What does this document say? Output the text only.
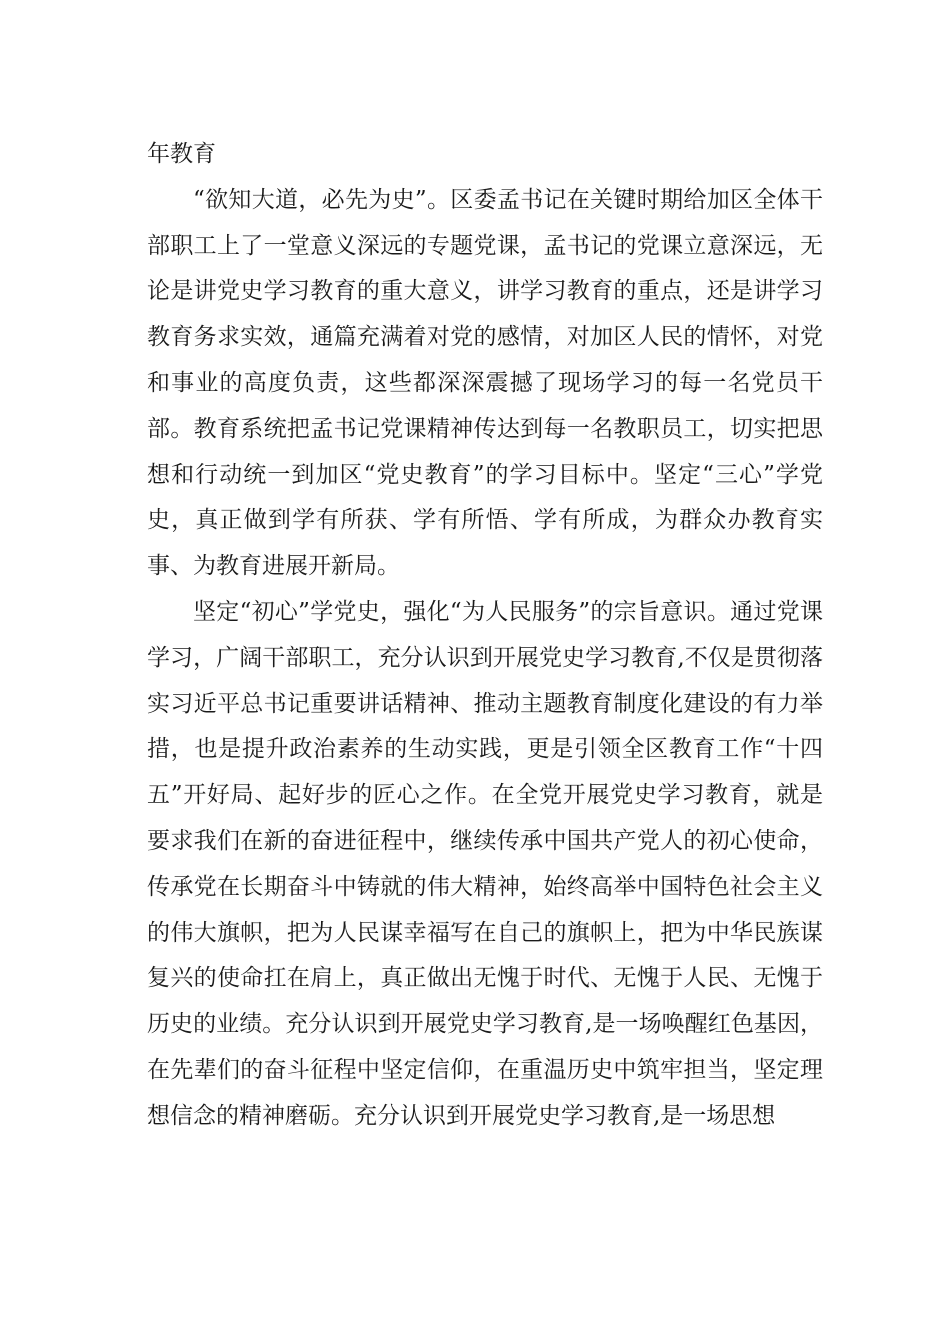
年教育

“欲知大道，必先为史”。区委孟书记在关键时期给加区全体干部职工上了一堂意义深远的专题党课，孟书记的党课立意深远，无论是讲党史学习教育的重大意义，讲学习教育的重点，还是讲学习教育务求实效，通篇充满着对党的感情，对加区人民的情怀，对党和事业的高度负责，这些都深深震撼了现场学习的每一名党员干部。教育系统把孟书记党课精神传达到每一名教职员工，切实把思想和行动统一到加区“党史教育”的学习目标中。坚定“三心”学党史，真正做到学有所获、学有所悟、学有所成，为群众办教育实事、为教育进展开新局。

坚定“初心”学党史，强化“为人民服务”的宗旨意识。通过党课学习，广阔干部职工，充分认识到开展党史学习教育,不仅是贯彻落实习近平总书记重要讲话精神、推动主题教育制度化建设的有力举措，也是提升政治素养的生动实践，更是引领全区教育工作“十四五”开好局、起好步的匠心之作。在全党开展党史学习教育，就是要求我们在新的奋进征程中，继续传承中国共产党人的初心使命，传承党在长期奋斗中铸就的伟大精神，始终高举中国特色社会主义的伟大旗帜，把为人民谋幸福写在自己的旗帜上，把为中华民族谋复兴的使命扛在肩上，真正做出无愧于时代、无愧于人民、无愧于历史的业绩。充分认识到开展党史学习教育,是一场唤醒红色基因，在先辈们的奋斗征程中坚定信仰，在重温历史中筑牢担当，坚定理想信念的精神磨砺。充分认识到开展党史学习教育,是一场思想
